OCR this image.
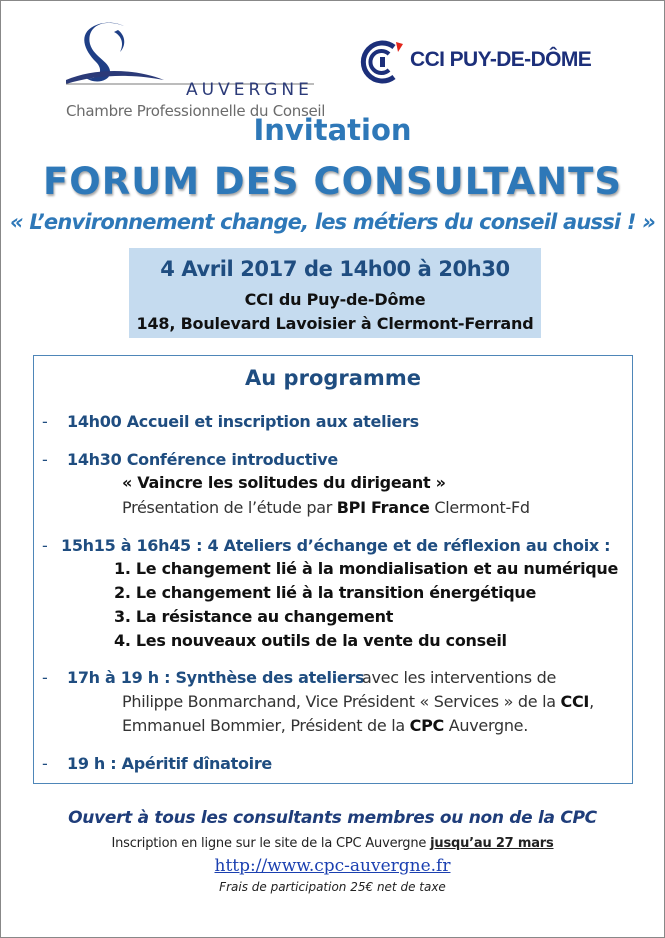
AUVERGNE
Chambre Professionnelle du Conseil
CCI PUY-DE-DÔME
Invitation
FORUM DES CONSULTANTS
« L’environnement change, les métiers du conseil aussi ! »
4 Avril 2017 de 14h00 à 20h30
CCI du Puy-de-Dôme
148, Boulevard Lavoisier à Clermont-Ferrand
Au programme
- 14h00 Accueil et inscription aux ateliers
- 14h30 Conférence introductive
« Vaincre les solitudes du dirigeant »
Présentation de l’étude par BPI France Clermont-Fd
- 15h15 à 16h45 : 4 Ateliers d’échange et de réflexion au choix :
1. Le changement lié à la mondialisation et au numérique
2. Le changement lié à la transition énergétique
3. La résistance au changement
4. Les nouveaux outils de la vente du conseil
- 17h à 19 h : Synthèse des ateliers
avec les interventions de
Philippe Bonmarchand, Vice Président « Services » de la CCI,
Emmanuel Bommier, Président de la CPC Auvergne.
- 19 h : Apéritif dînatoire
Ouvert à tous les consultants membres ou non de la CPC
Inscription en ligne sur le site de la CPC Auvergne jusqu’au 27 mars
http://www.cpc-auvergne.fr
Frais de participation 25€ net de taxe
